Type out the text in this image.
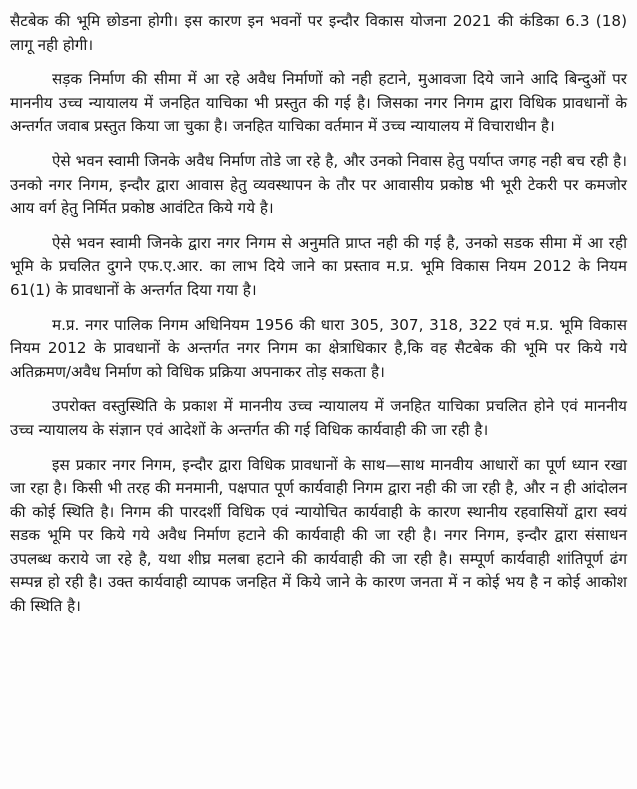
सैटबेक की भूमि छोडना होगी। इस कारण इन भवनों पर इन्दौर विकास योजना 2021 की कंडिका 6.3 (18) लागू नही होगी।

सड़क निर्माण की सीमा में आ रहे अवैध निर्माणों को नही हटाने, मुआवजा दिये जाने आदि बिन्दुओं पर माननीय उच्च न्यायालय में जनहित याचिका भी प्रस्तुत की गई है। जिसका नगर निगम द्वारा विधिक प्रावधानों के अन्तर्गत जवाब प्रस्तुत किया जा चुका है। जनहित याचिका वर्तमान में उच्च न्यायालय में विचाराधीन है।

ऐसे भवन स्वामी जिनके अवैध निर्माण तोडे जा रहे है, और उनको निवास हेतु पर्याप्त जगह नही बच रही है। उनको नगर निगम, इन्दौर द्वारा आवास हेतु व्यवस्थापन के तौर पर आवासीय प्रकोष्ठ भी भूरी टेकरी पर कमजोर आय वर्ग हेतु निर्मित प्रकोष्ठ आवंटित किये गये है।

ऐसे भवन स्वामी जिनके द्वारा नगर निगम से अनुमति प्राप्त नही की गई है, उनको सडक सीमा में आ रही भूमि के प्रचलित दुगने एफ.ए.आर. का लाभ दिये जाने का प्रस्ताव म.प्र. भूमि विकास नियम 2012 के नियम 61(1) के प्रावधानों के अन्तर्गत दिया गया है।

म.प्र. नगर पालिक निगम अधिनियम 1956 की धारा 305, 307, 318, 322 एवं म.प्र. भूमि विकास नियम 2012 के प्रावधानों के अन्तर्गत नगर निगम का क्षेत्राधिकार है,कि वह सैटबेक की भूमि पर किये गये अतिक्रमण/अवैध निर्माण को विधिक प्रक्रिया अपनाकर तोड़ सकता है।

उपरोक्त वस्तुस्थिति के प्रकाश में माननीय उच्च न्यायालय में जनहित याचिका प्रचलित होने एवं माननीय उच्च न्यायालय के संज्ञान एवं आदेशों के अन्तर्गत की गई विधिक कार्यवाही की जा रही है।

इस प्रकार नगर निगम, इन्दौर द्वारा विधिक प्रावधानों के साथ—साथ मानवीय आधारों का पूर्ण ध्यान रखा जा रहा है। किसी भी तरह की मनमानी, पक्षपात पूर्ण कार्यवाही निगम द्वारा नही की जा रही है, और न ही आंदोलन की कोई स्थिति है। निगम की पारदर्शी विधिक एवं न्यायोचित कार्यवाही के कारण स्थानीय रहवासियों द्वारा स्वयं सडक भूमि पर किये गये अवैध निर्माण हटाने की कार्यवाही की जा रही है। नगर निगम, इन्दौर द्वारा संसाधन उपलब्ध कराये जा रहे है, यथा शीघ्र मलबा हटाने की कार्यवाही की जा रही है। सम्पूर्ण कार्यवाही शांतिपूर्ण ढंग सम्पन्न हो रही है। उक्त कार्यवाही व्यापक जनहित में किये जाने के कारण जनता में न कोई भय है न कोई आकोश की स्थिति है।
